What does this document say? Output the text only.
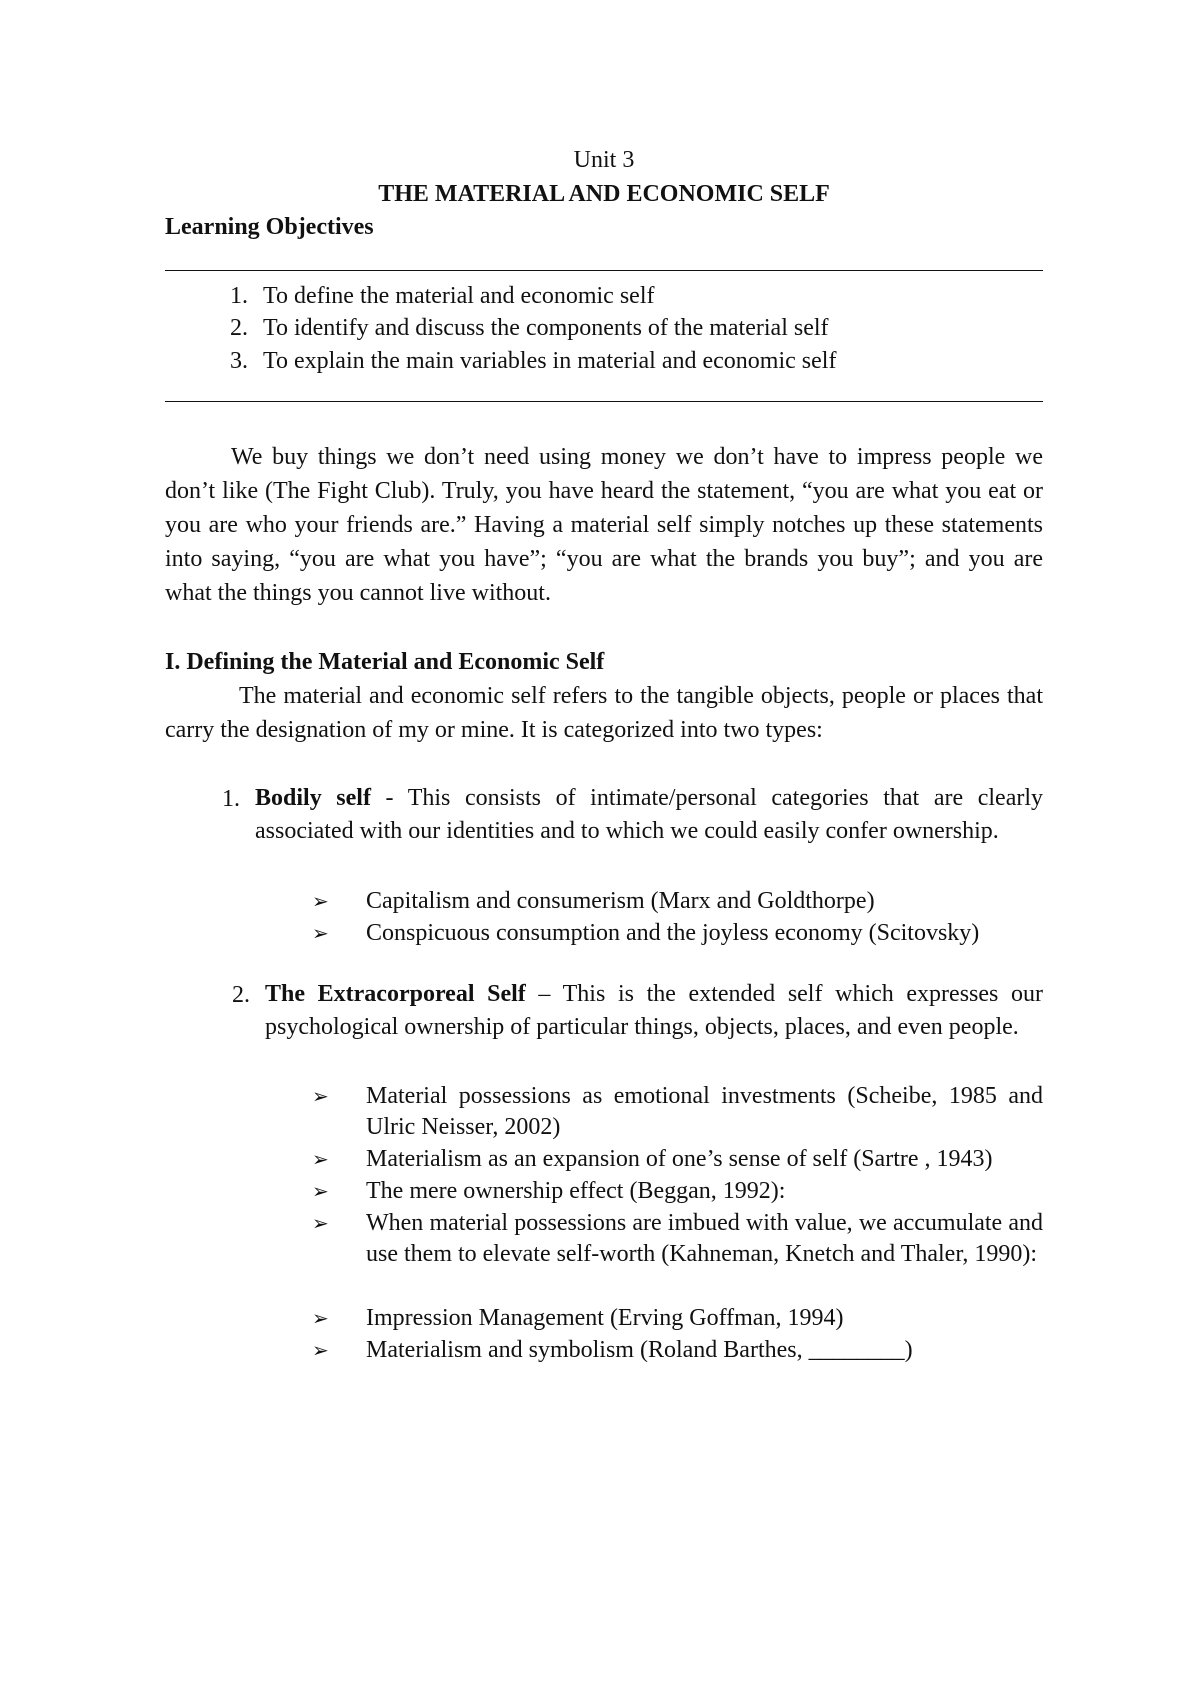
Unit 3
THE MATERIAL AND ECONOMIC SELF
Learning Objectives
1. To define the material and economic self
2. To identify and discuss the components of the material self
3. To explain the main variables in material and economic self
We buy things we don’t need using money we don’t have to impress people we don’t like (The Fight Club). Truly, you have heard the statement, “you are what you eat or you are who your friends are.” Having a material self simply notches up these statements into saying, “you are what you have”; “you are what the brands you buy”; and you are what the things you cannot live without.
I. Defining the Material and Economic Self
The material and economic self refers to the tangible objects, people or places that carry the designation of my or mine. It is categorized into two types:
1. Bodily self - This consists of intimate/personal categories that are clearly associated with our identities and to which we could easily confer ownership.
➢ Capitalism and consumerism (Marx and Goldthorpe)
➢ Conspicuous consumption and the joyless economy (Scitovsky)
2. The Extracorporeal Self – This is the extended self which expresses our psychological ownership of particular things, objects, places, and even people.
➢ Material possessions as emotional investments (Scheibe, 1985 and Ulric Neisser, 2002)
➢ Materialism as an expansion of one’s sense of self (Sartre , 1943)
➢ The mere ownership effect (Beggan, 1992):
➢ When material possessions are imbued with value, we accumulate and use them to elevate self-worth (Kahneman, Knetch and Thaler, 1990):
➢ Impression Management (Erving Goffman, 1994)
➢ Materialism and symbolism (Roland Barthes, ________)
